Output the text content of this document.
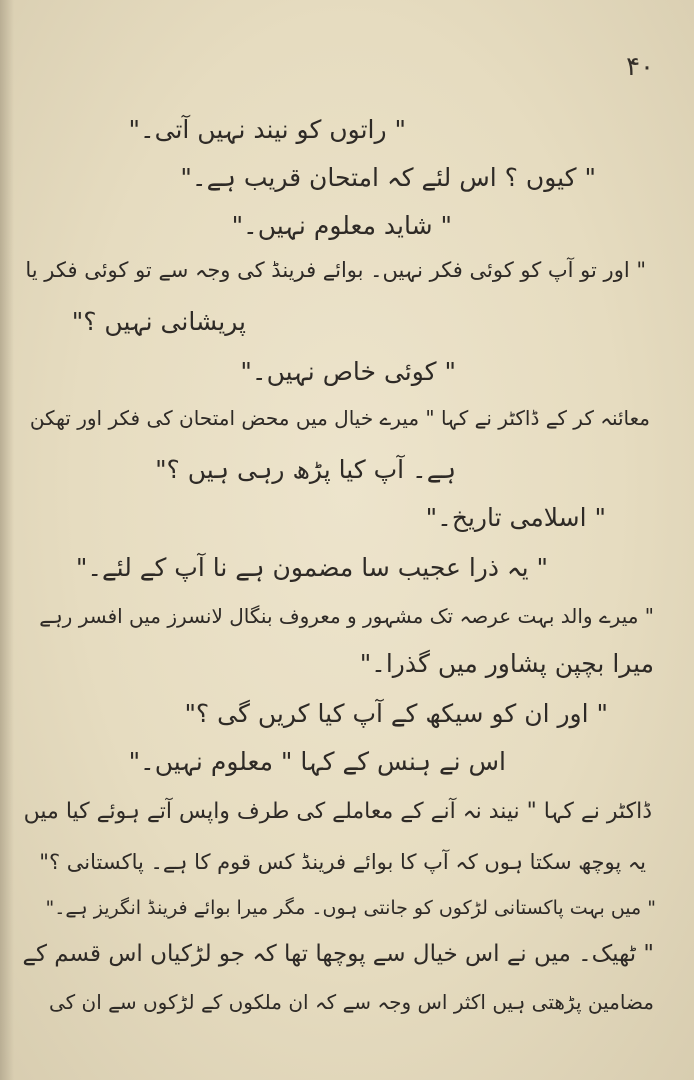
۴۰
" راتوں کو نیند نہیں آتی۔"
" کیوں ؟ اس لئے کہ امتحان قریب ہے۔"
" شاید معلوم نہیں۔"
" اور تو آپ کو کوئی فکر نہیں۔ بوائے فرینڈ کی وجہ سے تو کوئی فکر یا
پریشانی نہیں ؟"
" کوئی خاص نہیں۔"
معائنہ کر کے ڈاکٹر نے کہا " میرے خیال میں محض امتحان کی فکر اور تھکن
ہے۔ آپ کیا پڑھ رہی ہیں ؟"
" اسلامی تاریخ۔"
" یہ ذرا عجیب سا مضمون ہے نا آپ کے لئے۔"
" میرے والد بہت عرصہ تک مشہور و معروف بنگال لانسرز میں افسر رہے
میرا بچپن پشاور میں گذرا۔"
" اور ان کو سیکھ کے آپ کیا کریں گی ؟"
اس نے ہنس کے کہا " معلوم نہیں۔"
ڈاکٹر نے کہا " نیند نہ آنے کے معاملے کی طرف واپس آتے ہوئے کیا میں
یہ پوچھ سکتا ہوں کہ آپ کا بوائے فرینڈ کس قوم کا ہے۔ پاکستانی ؟"
" میں بہت پاکستانی لڑکوں کو جانتی ہوں۔ مگر میرا بوائے فرینڈ انگریز ہے۔"
" ٹھیک۔ میں نے اس خیال سے پوچھا تھا کہ جو لڑکیاں اس قسم کے
مضامین پڑھتی ہیں اکثر اس وجہ سے کہ ان ملکوں کے لڑکوں سے ان کی
